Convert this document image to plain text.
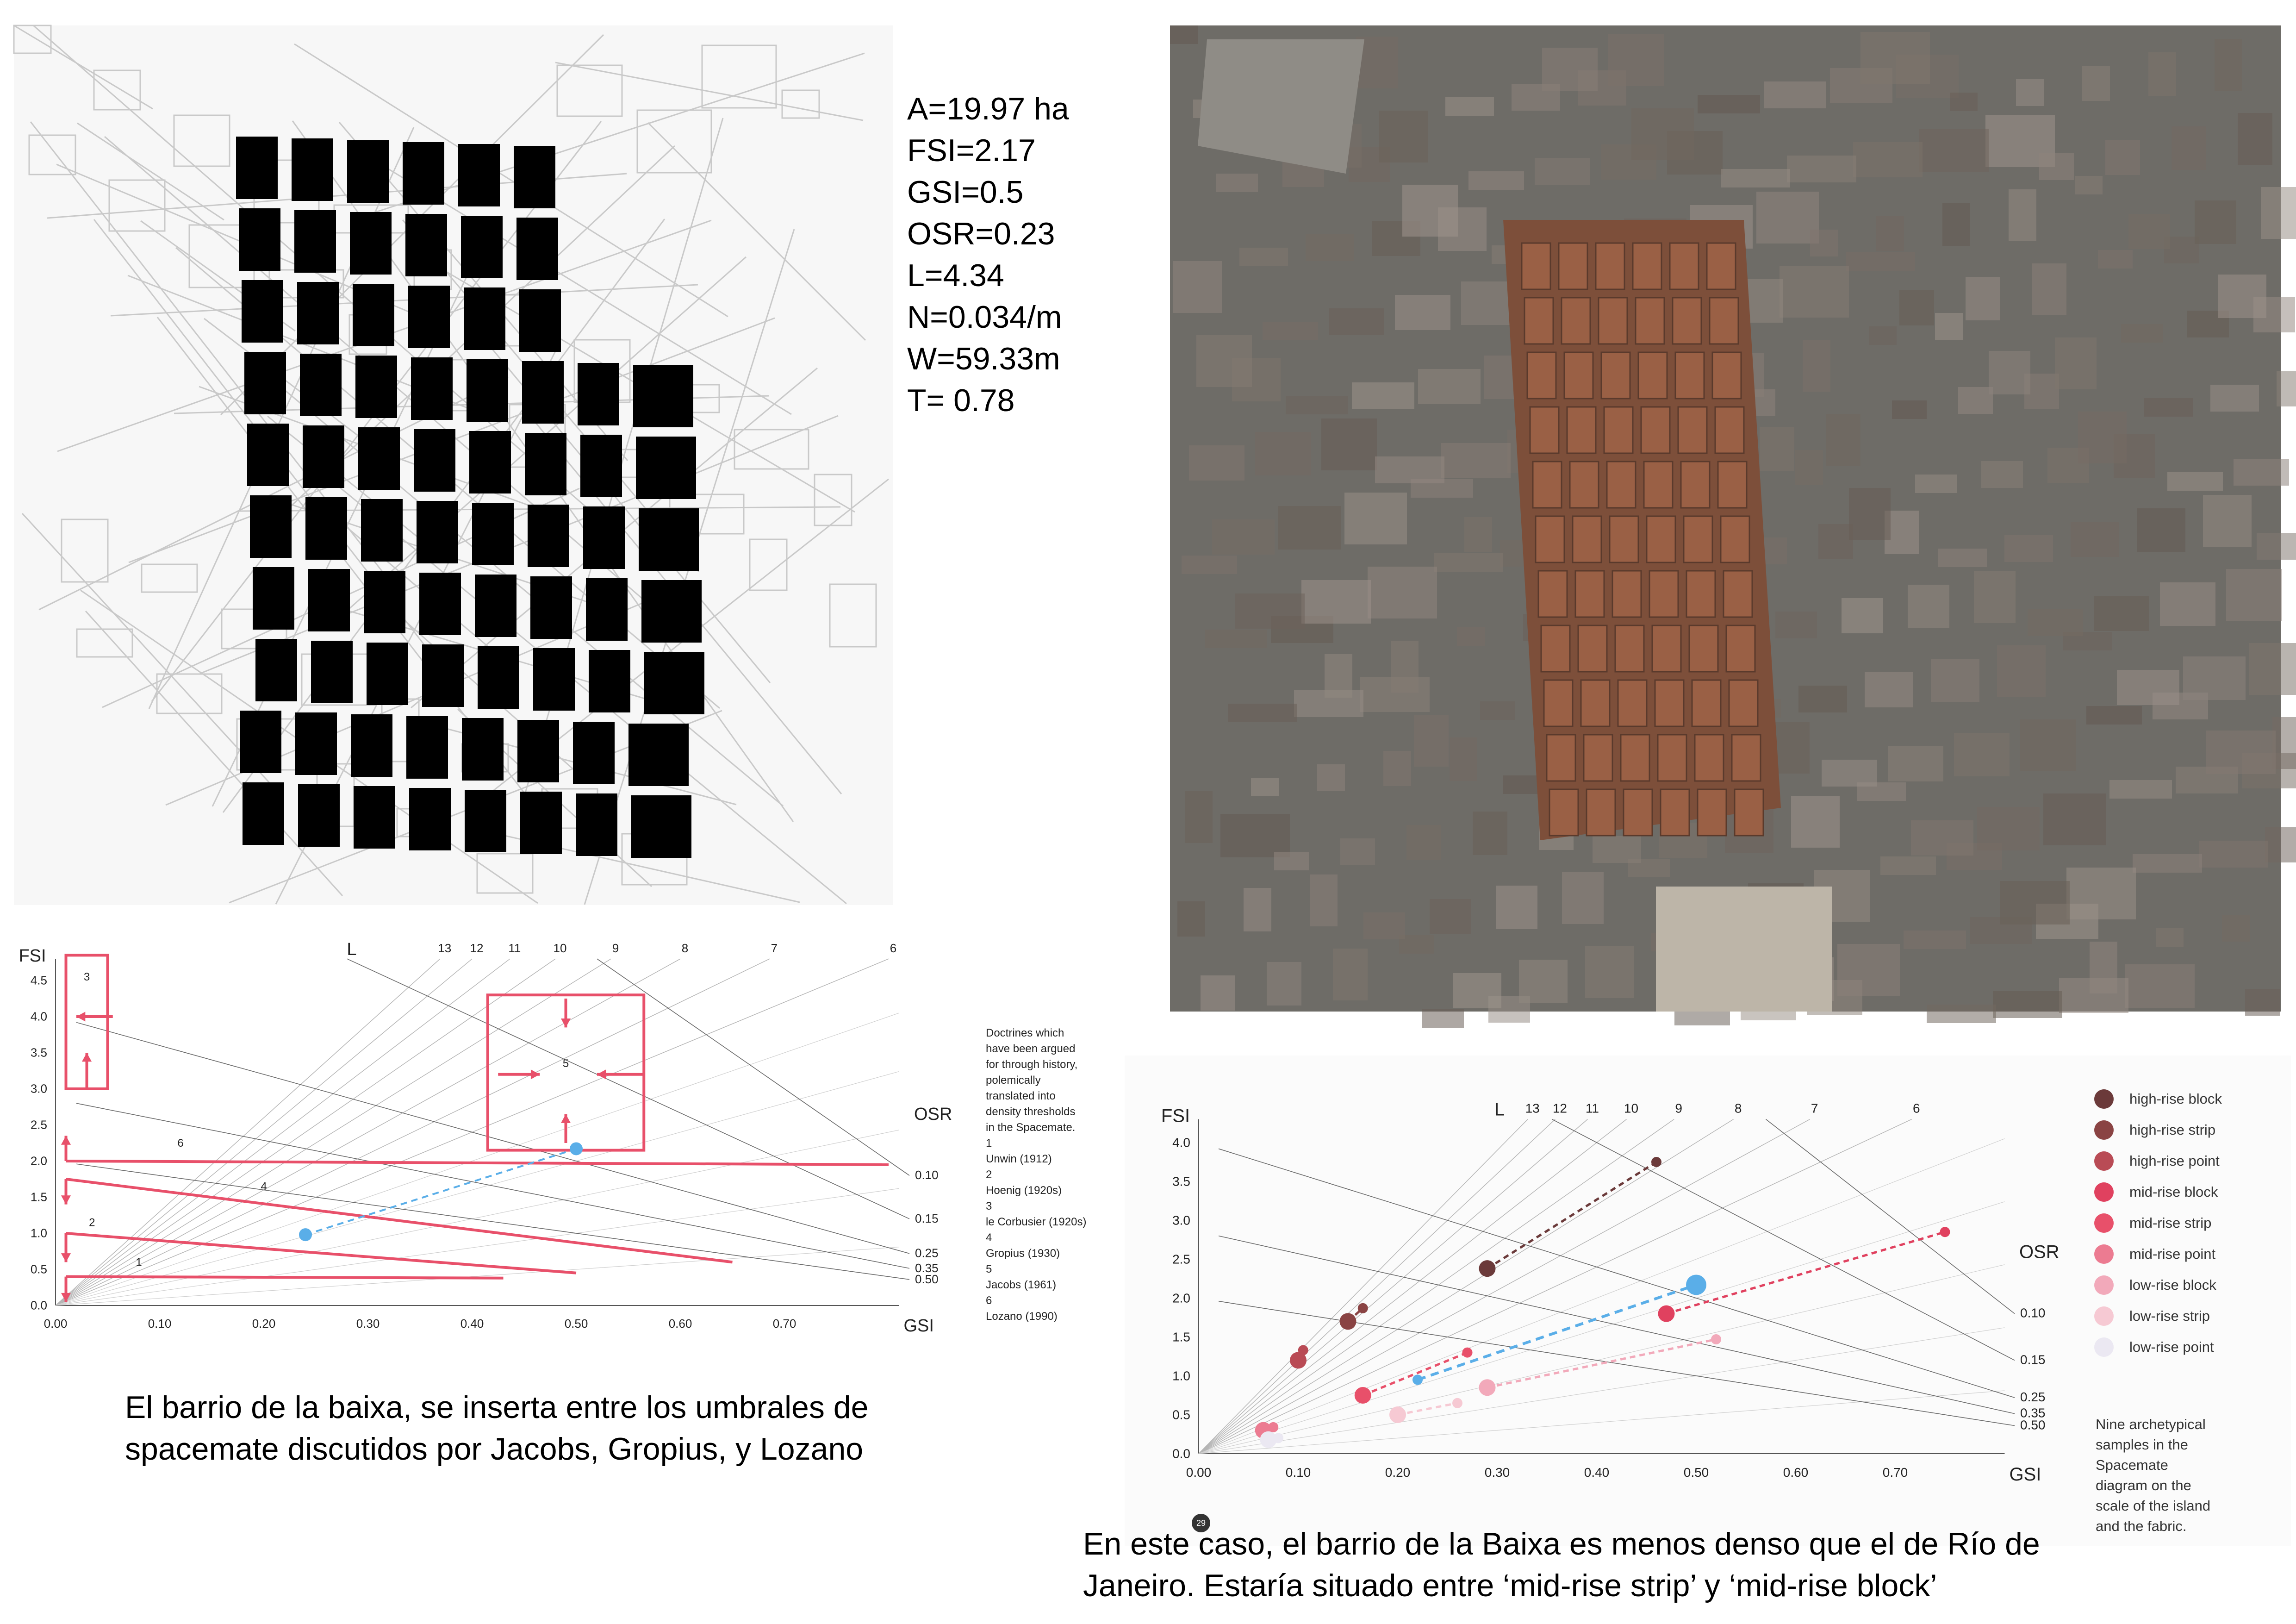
A=19.97 ha
FSI=2.17
GSI=0.5
OSR=0.23
L=4.34
N=0.034/m
W=59.33m
T= 0.78
13 12 11	10	9	8	7	6
L
0.10
0.15
0.25
0.35
0.50
OSR
0.00	0.10	0.20	0.30	0.40	0.50	0.60	0.70
0.0
0.5
1.0
1.5
2.0
2.5
3.0
3.5
4.0
4.5
GSI
FSI
1
2
3
4
5
6
Doctrines which
have been argued
for through history,
polemically
translated into
density thresholds
in the Spacemate.
1
Unwin (1912)
2
Hoenig (1920s)
3
le Corbusier (1920s)
4
Gropius (1930)
5
Jacobs (1961)
6
Lozano (1990)
13 12 11 10	9	8	7	6
L
0.10
0.15
0.25
0.35
0.50
OSR
0.00	0.10	0.20	0.30	0.40	0.50	0.60	0.70
0.0
0.5
1.0
1.5
2.0
2.5
3.0
3.5
4.0
GSI
FSI
high-rise block
high-rise strip
high-rise point
mid-rise block
mid-rise strip
mid-rise point
low-rise block
low-rise strip
low-rise point
Nine archetypical
samples in the
Spacemate
diagram on the
scale of the island
and the fabric.
29
El barrio de la baixa, se inserta entre los umbrales de
spacemate discutidos por Jacobs, Gropius, y Lozano
En este caso, el barrio de la Baixa es menos denso que el de Río de
Janeiro. Estaría situado entre ‘mid-rise strip’ y ‘mid-rise block’
